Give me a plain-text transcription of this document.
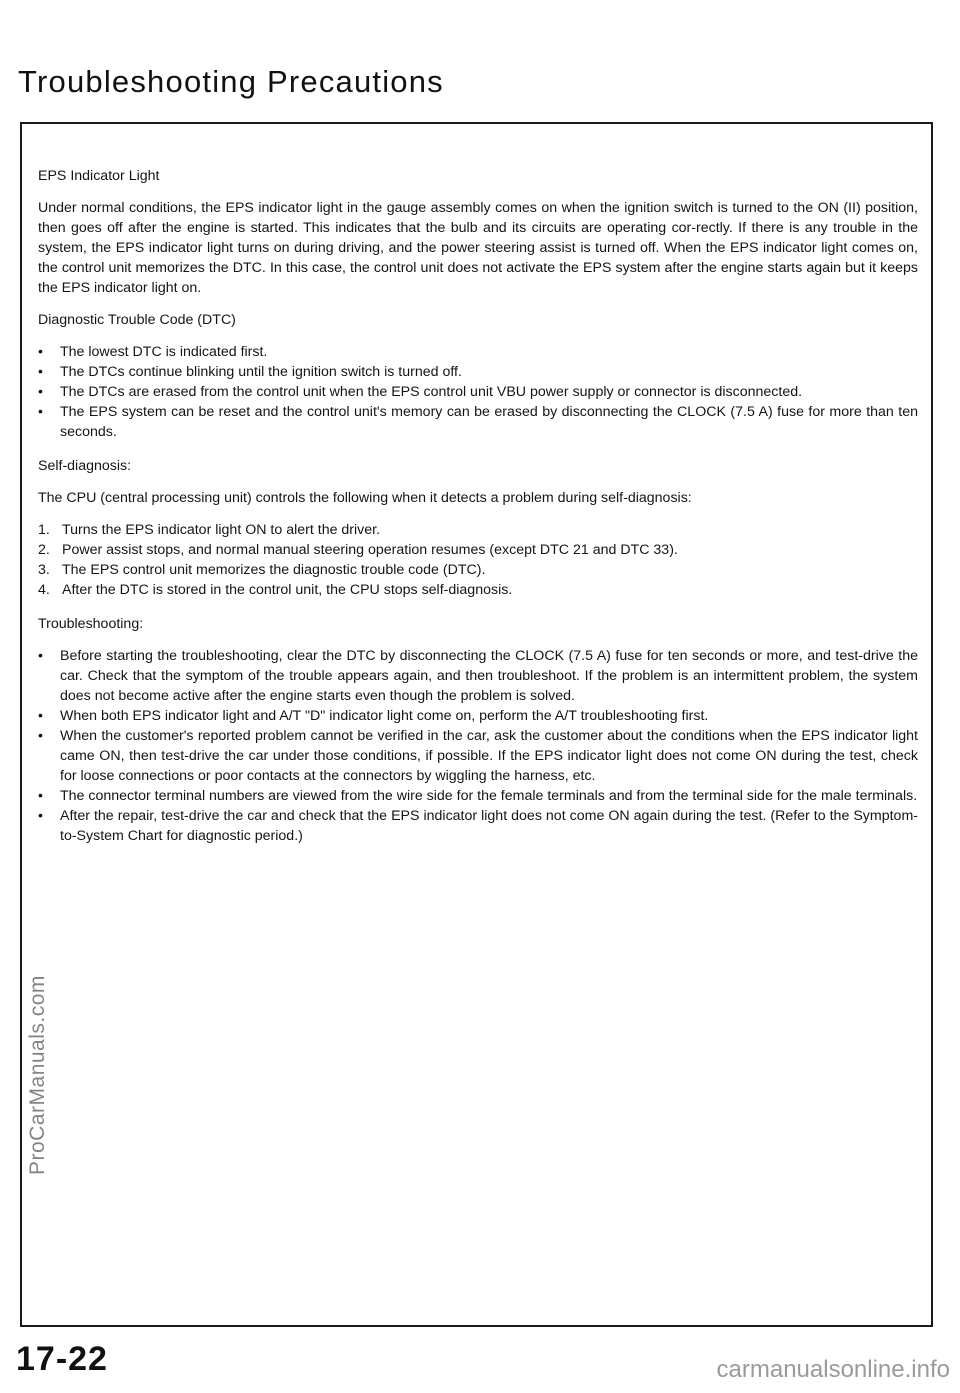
Troubleshooting Precautions

EPS Indicator Light

Under normal conditions, the EPS indicator light in the gauge assembly comes on when the ignition switch is turned to the ON (II) position, then goes off after the engine is started. This indicates that the bulb and its circuits are operating cor-rectly. If there is any trouble in the system, the EPS indicator light turns on during driving, and the power steering assist is turned off. When the EPS indicator light comes on, the control unit memorizes the DTC. In this case, the control unit does not activate the EPS system after the engine starts again but it keeps the EPS indicator light on.

Diagnostic Trouble Code (DTC)

•	The lowest DTC is indicated first.
•	The DTCs continue blinking until the ignition switch is turned off.
•	The DTCs are erased from the control unit when the EPS control unit VBU power supply or connector is disconnected.
•	The EPS system can be reset and the control unit's memory can be erased by disconnecting the CLOCK (7.5 A) fuse for more than ten seconds.

Self-diagnosis:

The CPU (central processing unit) controls the following when it detects a problem during self-diagnosis:

1. Turns the EPS indicator light ON to alert the driver.
2. Power assist stops, and normal manual steering operation resumes (except DTC 21 and DTC 33).
3. The EPS control unit memorizes the diagnostic trouble code (DTC).
4. After the DTC is stored in the control unit, the CPU stops self-diagnosis.

Troubleshooting:

•	Before starting the troubleshooting, clear the DTC by disconnecting the CLOCK (7.5 A) fuse for ten seconds or more, and test-drive the car. Check that the symptom of the trouble appears again, and then troubleshoot. If the problem is an intermittent problem, the system does not become active after the engine starts even though the problem is solved.
•	When both EPS indicator light and A/T "D" indicator light come on, perform the A/T troubleshooting first.
•	When the customer's reported problem cannot be verified in the car, ask the customer about the conditions when the EPS indicator light came ON, then test-drive the car under those conditions, if possible. If the EPS indicator light does not come ON during the test, check for loose connections or poor contacts at the connectors by wiggling the harness, etc.
•	The connector terminal numbers are viewed from the wire side for the female terminals and from the terminal side for the male terminals.
•	After the repair, test-drive the car and check that the EPS indicator light does not come ON again during the test. (Refer to the Symptom-to-System Chart for diagnostic period.)
ProCarManuals.com
17-22	carmanualsonline.info
